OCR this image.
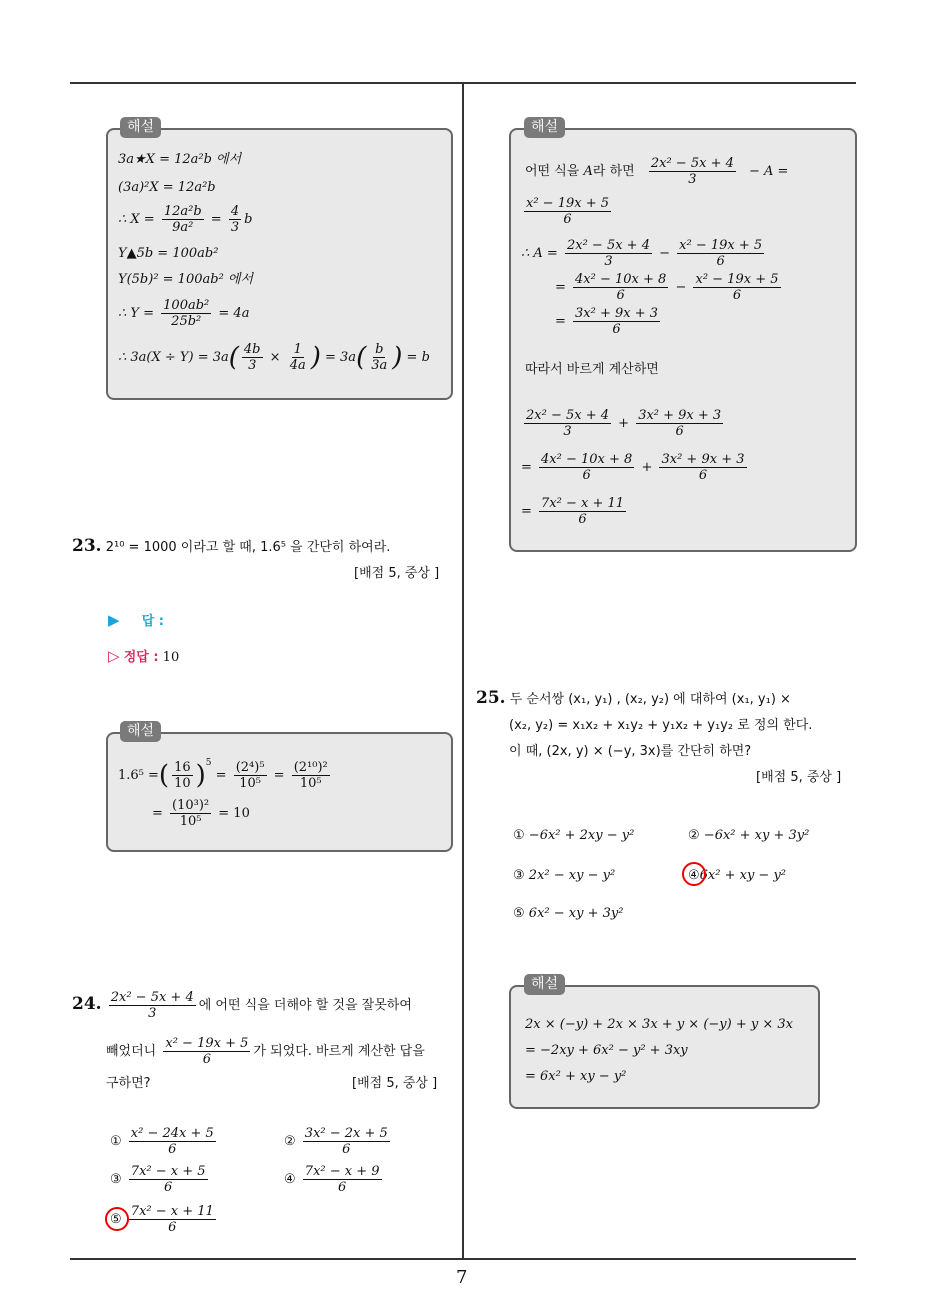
7
3a★X = 12a²b 에서
(3a)²X = 12a²b
∴ $X = \frac{\text{12a²b}}{\text{9a²}} = \frac{4}{3}$ b
Y▲5b = 100ab²
Y(5b)² = 100ab² 에서
∴ $Y = \frac{\text{100ab²}}{\text{25b²}} = 4a$
∴ $3a(X \div Y) = 3a( \frac{4b}{3} \times \frac{1}{4a}$ ) = $3a( \frac{b}{3a}$ ) = b
해설
23. 2¹⁰ = 1000 이라고 할 때, 1.6⁵ 을 간단히 하여라.
[배점 5, 중상 ]
▶ 답 :
▷ 정답 : 10
1.6⁵ =( $\frac{16}{10} )^5 = \frac{\text{(2⁴)⁵}}{\text{10⁵}} = \frac{\text{(2¹⁰)²}}{\text{10⁵}}$
= $\frac{\text{(10³)²}}{\text{10⁵}} = 10$
해설
24. $\frac{\text{2x² − 5x + 4}}{3}$ 에 어떤 식을 더해야 할 것을 잘못하여
빼었더니 $\frac{\text{x² − 19x + 5}}{6}$ 가 되었다. 바르게 계산한 답을
구하면?	[배점 5, 중상 ]
① $\frac{\text{x² − 24x + 5}}{6}$	② $\frac{\text{3x² − 2x + 5}}{6}$
③ $\frac{\text{7x² − x + 5}}{6}$	④ $\frac{\text{7x² − x + 9}}{6}$
⑤ $\frac{\text{7x² − x + 11}}{6}$
어떤 식을 A라 하면 $\frac{\text{2x² − 5x + 4}}{3} - A$ =
$\frac{\text{x² − 19x + 5}}{6}$
∴ $A = \frac{\text{2x² − 5x + 4}}{3} - \frac{\text{x² − 19x + 5}}{6}$
= $\frac{\text{4x² − 10x + 8}}{6} - \frac{\text{x² − 19x + 5}}{6}$
= $\frac{\text{3x² + 9x + 3}}{6}$
따라서 바르게 계산하면
$\frac{\text{2x² − 5x + 4}}{3} + \frac{\text{3x² + 9x + 3}}{6}$
= $\frac{\text{4x² − 10x + 8}}{6} + \frac{\text{3x² + 9x + 3}}{6}$
= $\frac{\text{7x² − x + 11}}{6}$
해설
25. 두 순서쌍 (x₁, y₁) , (x₂, y₂) 에 대하여 (x₁, y₁) ×
(x₂, y₂) = x₁x₂ + x₁y₂ + y₁x₂ + y₁y₂ 로 정의 한다.
이 때, (2x, y) × (−y, 3x)를 간단히 하면?
[배점 5, 중상 ]
① −6x² + 2xy − y²	② −6x² + xy + 3y²
③ 2x² − xy − y²	④6x² + xy − y²
⑤ 6x² − xy + 3y²
2x × (−y) + 2x × 3x + y × (−y) + y × 3x
= −2xy + 6x² − y² + 3xy
= 6x² + xy − y²
해설
